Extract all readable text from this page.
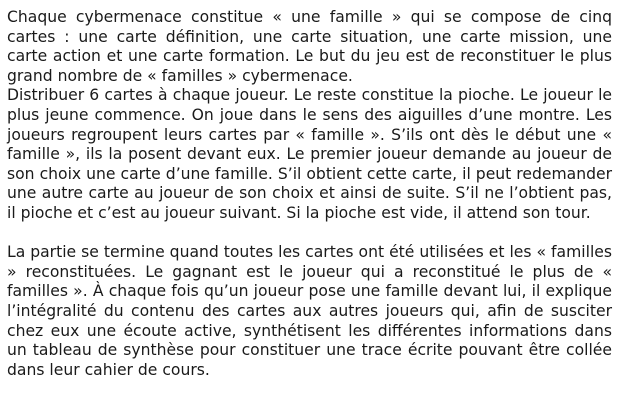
Chaque cybermenace constitue « une famille » qui se compose de cinq cartes : une carte définition, une carte situation, une carte mission, une carte action et une carte formation. Le but du jeu est de reconstituer le plus grand nombre de « familles » cybermenace.

Distribuer 6 cartes à chaque joueur. Le reste constitue la pioche. Le joueur le plus jeune commence. On joue dans le sens des aiguilles d’une montre. Les joueurs regroupent leurs cartes par « famille ». S’ils ont dès le début une « famille », ils la posent devant eux. Le premier joueur demande au joueur de son choix une carte d’une famille. S’il obtient cette carte, il peut redemander une autre carte au joueur de son choix et ainsi de suite. S’il ne l’obtient pas, il pioche et c’est au joueur suivant. Si la pioche est vide, il attend son tour.

La partie se termine quand toutes les cartes ont été utilisées et les « familles » reconstituées. Le gagnant est le joueur qui a reconstitué le plus de « familles ». À chaque fois qu’un joueur pose une famille devant lui, il explique l’intégralité du contenu des cartes aux autres joueurs qui, afin de susciter chez eux une écoute active, synthétisent les différentes informations dans un tableau de synthèse pour constituer une trace écrite pouvant être collée dans leur cahier de cours.
